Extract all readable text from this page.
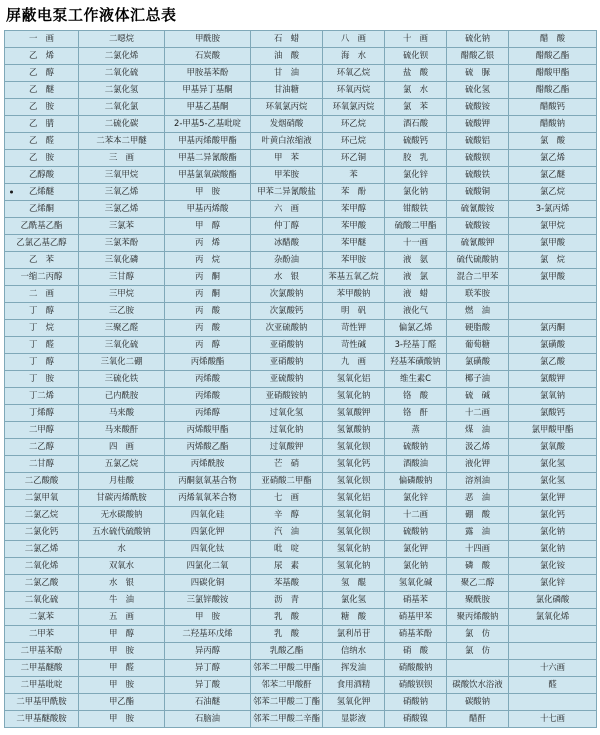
屏蔽电泵工作液体汇总表
一　画	二噁烷	甲酰胺	石　蜡	八　画	十　画	硫化钠	醋　酸
乙　烯	二氯化烯	石炭酸	油　酸	海　水	硫化钡	醋酸乙银	醋酸乙酯
乙　醇	二氧化硫	甲胺基苯酚	甘　油	环氧乙烷	盐　酸	硫　脲	醋酸甲酯
乙　醚	二氯化氢	甲基异丁基酮	甘油糖	环氧丙烷	氯　水	硫化氢	醋酸乙酯
乙　胺	二氧化氯	甲基乙基酮	环氧氯丙烷	环氧氯丙烷	氯　苯	硫酸铵	醋酸钙
乙　腈	二硫化碳	2-甲基5-乙基吡啶	发烟硝酸	环乙烷	酒石酸	硫酸钾	醋酸钠
乙　醛	二苯本二甲醚	甲基丙烯酸甲酯	叶黄白浓缩液	环己烷	硫酸钙	硫酸铝	氯　酸
乙　胺	三　画	甲基二异氰酸酯	甲　苯	环乙铜	胶　乳	硫酸钡	氯乙烯
乙醇酸	三氧甲烷	甲基氯氧碳酸酯	甲苯胺	苯	氯化锌	硫酸铁	氯乙醚

乙烯醚	三氧乙烯	甲　胺	甲苯二异氰酸盐	苯　酚	氯化钠	硫酸铜	氯乙烷
乙烯酮	三氯乙烯	甲基丙烯酸	六　画	苯甲醇	钳酸铁	硫氰酸铵	3-氯丙烯
乙酰基乙酯	三氯苯	甲　醇	仲丁醇	苯甲酸	硫酸二甲酯	硫酸铵	氯甲烷
乙氯乙基乙醇	三氯苯酚	丙　烯	冰醋酸	苯甲醚	十一画	硫氰酸钾	氯甲酸
乙　苯	三氧化磷	丙　烷	杂酚油	苯甲胺	液　氨	硫代硫酸钠	氯　烷
一缩二丙醇	三甘醇	丙　酮	水　银	苯基五氧乙烷	液　氯	混合二甲苯	氯甲酸
二　画	三甲烷	丙　酮	次氯酸钠	苯甲酸钠	液　蜡	联苯胺	
丁　醇	三乙胺	丙　酸	次氯酸钙	明　矾	液化气	燃　油	
丁　烷	三聚乙醛	丙　酸	次亚硫酸钠	苛性钾	偏氯乙烯	硬脂酸	氯丙酮
丁　醛	三氧化硫	丙　醇	亚硝酸钠	苛性碱	3-羟基丁醛	葡萄糖	氯磺酸
丁　醇	三氧化二硼	丙烯酸酯	亚硝酸钠	九　画	羟基苯磺酸钠	氯磺酸	氯乙酸
丁　胺	三硫化铁	丙烯酸	亚硫酸钠	氢氧化铝	维生素C	椰子油	氯酸钾
丁二烯	己内酰胺	丙烯酸	亚硝酸铵钠	氢氧化钠	铬　酸	硫　碱	氯氧钠
丁烯醇	马来酸	丙烯醇	过氧化氢	氢氧酸钾	铬　酐	十二画	氯酸钙
二甲醇	马来酸酐	丙烯酸甲酯	过氧化钠	氢氰酸钠	蒸	煤　油	氯甲酸甲酯
二乙醇	四　画	丙烯酸乙酯	过氧酸钾	氢氧化钡	硫酸钠	汲乙烯	氯氧酸
二甘醇	五氯乙烷	丙烯酰胺	芒　硝	氢氧化钙	酒酸油	液化钾	氯化氢
二乙酸酸	月桂酸	丙酮氨氧基合物	亚硝酸二甲酯	氢氧化钡	偏磷酸钠	溶剂油	氯化氢
二氯甲氧	甘碳丙烯酰胺	丙烯氧氧苯合物	七　画	氢氧化铝	氯化锌	恶　油	氯化钾
二氯乙烷	无水碳酸钠	四氧化硅	辛　醇	氢氧化铜	十二画	硼　酸	氯化钙
二氯化钙	五水硫代硫酸钠	四氯化钾	汽　油	氢氧化钡	硫酸钠	露　油	氯化钠
二氯乙烯	水	四氧化钛	吡　啶	氢氧化钠	氯化钾	十四画	氯化钠
二氧化烯	双氧水	四氯化二氧	尿　素	氢氧化钠	氯化钠	磷　酸	氯化铵
二氯乙酸	水　银	四碳化铜	苯基酸	氢　醌	氢氧化碱	聚乙二醇	氯化锌
二氧化硫	牛　油	三氯锌酸铵	沥　青	氯化氢	硝基苯	聚酰胺	氯化磷酸
二氯苯	五　画	甲　胺	乳　酸	糖　酸	硝基甲苯	聚丙烯酸钠	氯氧化烯
二甲苯	甲　醇	二羟基环戊烯	乳　酸	氯利吊苷	硝基苯酚	氯　仿	
二甲基苯酚	甲　胺	异丙醇	乳酸乙酯	信纳水	硝　酸	氯　仿	
二甲基醚酸	甲　醛	异丁醇	邻苯二甲酸二甲酯	挥发油	硝酸酸钠		十六画
二甲基吡啶	甲　胺	异丁酸	邻苯二甲酸酐	食用酒精	硝酸钡钡	碳酸饮水浴液	醛
二甲基甲酰胺	甲乙酯	石油醚	邻苯二甲酸二丁酯	氢氧化钾	硝酸钠	碳酸钠	
二甲基醚酸胺	甲　胺	石脑油	邻苯二甲酸二辛酯	显影液	硝酸镍	醋酐	十七画
